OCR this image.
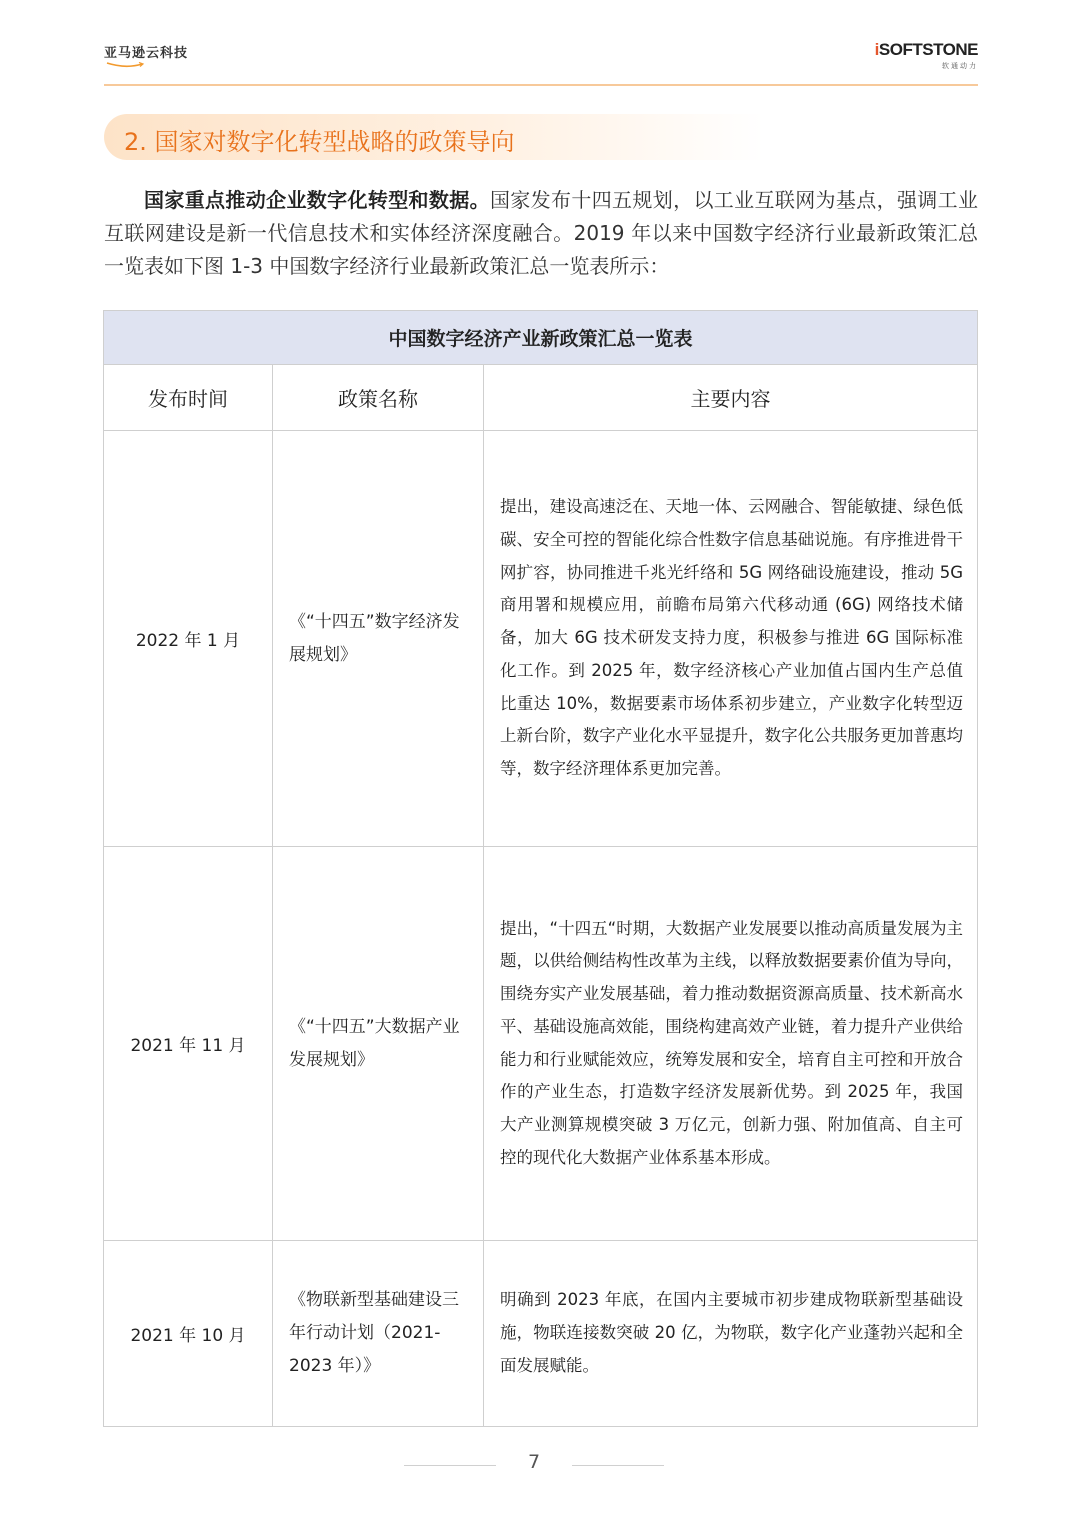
亚马逊云科技	iSOFTSTONE
软通动力
2. 国家对数字化转型战略的政策导向

国家重点推动企业数字化转型和数据。国家发布十四五规划，以工业互联网为基点，强调工业互联网建设是新一代信息技术和实体经济深度融合。2019 年以来中国数字经济行业最新政策汇总一览表如下图 1-3 中国数字经济行业最新政策汇总一览表所示：

中国数字经济产业新政策汇总一览表		
发布时间	政策名称	主要内容
2022 年 1 月	《“十四五”数字经济发展规划》	提出，建设高速泛在、天地一体、云网融合、智能敏捷、绿色低碳、安全可控的智能化综合性数字信息基础说施。有序推进骨干网扩容，协同推进千兆光纤络和 5G 网络础设施建设，推动 5G 商用署和规模应用，前瞻布局第六代移动通 (6G) 网络技术储备，加大 6G 技术研发支持力度，积极参与推进 6G 国际标准化工作。到 2025 年，数字经济核心产业加值占国内生产总值比重达 10%，数据要素市场体系初步建立，产业数字化转型迈上新台阶，数字产业化水平显提升，数字化公共服务更加普惠均等，数字经济理体系更加完善。
2021 年 11 月	《“十四五”大数据产业发展规划》	提出，“十四五“时期，大数据产业发展要以推动高质量发展为主题，以供给侧结构性改革为主线，以释放数据要素价值为导向，围绕夯实产业发展基础，着力推动数据资源高质量、技术新高水平、基础设施高效能，围绕构建高效产业链，着力提升产业供给能力和行业赋能效应，统筹发展和安全，培育自主可控和开放合作的产业生态，打造数字经济发展新优势。到 2025 年，我国大产业测算规模突破 3 万亿元，创新力强、附加值高、自主可控的现代化大数据产业体系基本形成。
2021 年 10 月	《物联新型基础建设三年行动计划（2021-2023 年）》	明确到 2023 年底，在国内主要城市初步建成物联新型基础设施，物联连接数突破 20 亿，为物联，数字化产业蓬勃兴起和全面发展赋能。
7
